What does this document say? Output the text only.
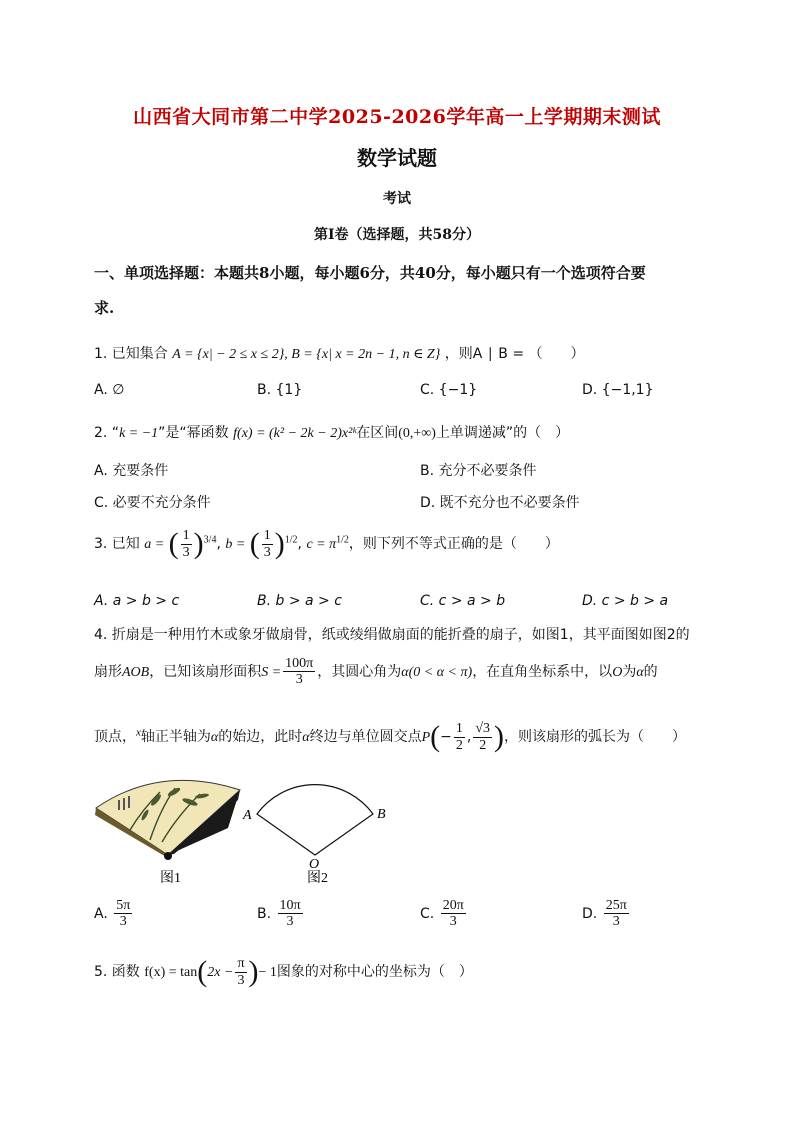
山西省大同市第二中学2025-2026学年高一上学期期末测试
数学试题
考试
第I卷（选择题，共58分）
一、单项选择题：本题共8小题，每小题6分，共40分，每小题只有一个选项符合要
求.
1. 已知集合 A = {x| − 2 ≤ x ≤ 2}, B = {x| x = 2n − 1, n ∈ Z} ，则A ∣ B = （　　）
A. ∅	B. {1}	C. {−1}	D. {−1,1}
2. “k = −1”是“幂函数 f(x) = (k² − 2k − 2)x²ᵏ在区间(0,+∞)上单调递减”的（　）
A. 充要条件	B. 充分不必要条件
C. 必要不充分条件	D. 既不充分也不必要条件
3. 已知 a = ( $\frac{1}{3} )^{3/4}$, b = ( $\frac{1}{3} )^{1/2}$, $c = \pi^{1/2}$，则下列不等式正确的是（　　）
A. a > b > c	B. b > a > c	C. c > a > b	D. c > b > a
4. 折扇是一种用竹木或象牙做扇骨，纸或绫绢做扇面的能折叠的扇子，如图1，其平面图如图2的
扇形AOB，已知该扇形面积$S = \frac{100\pi}{3}$ ，其圆心角为α(0 < α < π)，在直角坐标系中，以O为α的
顶点，$^x$轴正半轴为α的始边，此时α终边与单位圆交点$P(- \frac{1}{2}$ , $\frac{√3}{2}$ )，则该扇形的弧长为（　　）
图1
A	B
O
图2
A. $\frac{5\pi}{3}$	B. $\frac{10\pi}{3}$	C. $\frac{20\pi}{3}$	D. $\frac{25\pi}{3}$
5. 函数 $f(x) = \tan(2x - \frac{\pi}{3}$ )− 1图象的对称中心的坐标为（　）
